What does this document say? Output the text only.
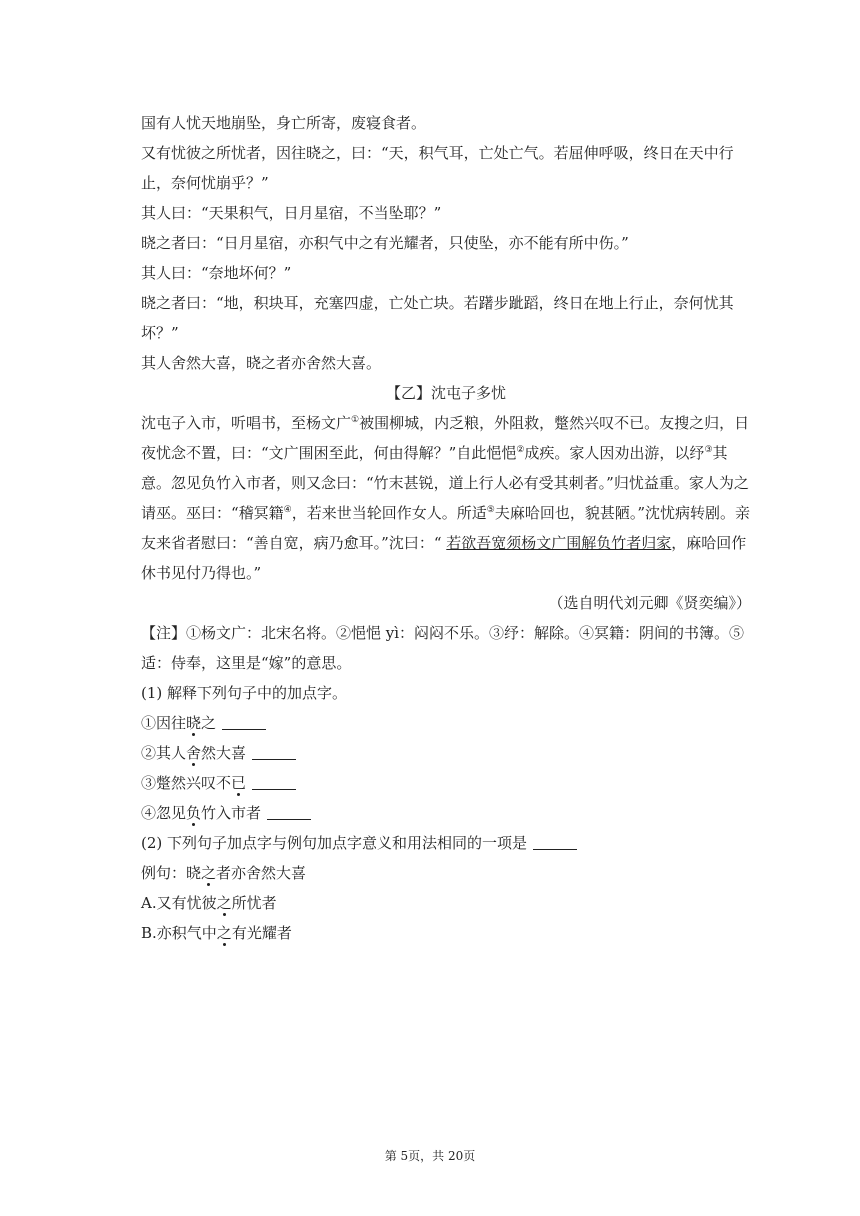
国有人忧天地崩坠，身亡所寄，废寝食者。

又有忧彼之所忧者，因往晓之，曰：“天，积气耳，亡处亡气。若屈伸呼吸，终日在天中行

止，奈何忧崩乎？”

其人曰：“天果积气，日月星宿，不当坠耶？”

晓之者曰：“日月星宿，亦积气中之有光耀者，只使坠，亦不能有所中伤。”

其人曰：“奈地坏何？”

晓之者曰：“地，积块耳，充塞四虚，亡处亡块。若躇步跐蹈，终日在地上行止，奈何忧其

坏？”

其人舍然大喜，晓之者亦舍然大喜。

【乙】沈屯子多忧

沈屯子入市，听唱书，至杨文广①被围柳城，内乏粮，外阻救，蹩然兴叹不已。友搜之归，日夜忧念不置，曰：“文广围困至此，何由得解？”自此悒悒②成疾。家人因劝出游，以纾③其意。忽见负竹入市者，则又念曰：“竹末甚锐，道上行人必有受其刺者。”归忧益重。家人为之请巫。巫曰：“稽冥籍④，若来世当轮回作女人。所适⑤夫麻哈回也，貌甚陋。”沈忧病转剧。亲友来省者慰曰：“善自宽，病乃愈耳。”沈曰：“ 若欲吾宽须杨文广围解负竹者归家，麻哈回作休书见付乃得也。”

（选自明代刘元卿《贤奕编》）

【注】①杨文广：北宋名将。②悒悒 yì：闷闷不乐。③纾：解除。④冥籍：阴间的书簿。⑤适：侍奉，这里是“嫁”的意思。

(1) 解释下列句子中的加点字。

①因往晓之

②其人舍然大喜

③蹩然兴叹不已

④忽见负竹入市者

(2) 下列句子加点字与例句加点字意义和用法相同的一项是

例句：晓之者亦舍然大喜

A.又有忧彼之所忧者

B.亦积气中之有光耀者

第 5页，共 20页
